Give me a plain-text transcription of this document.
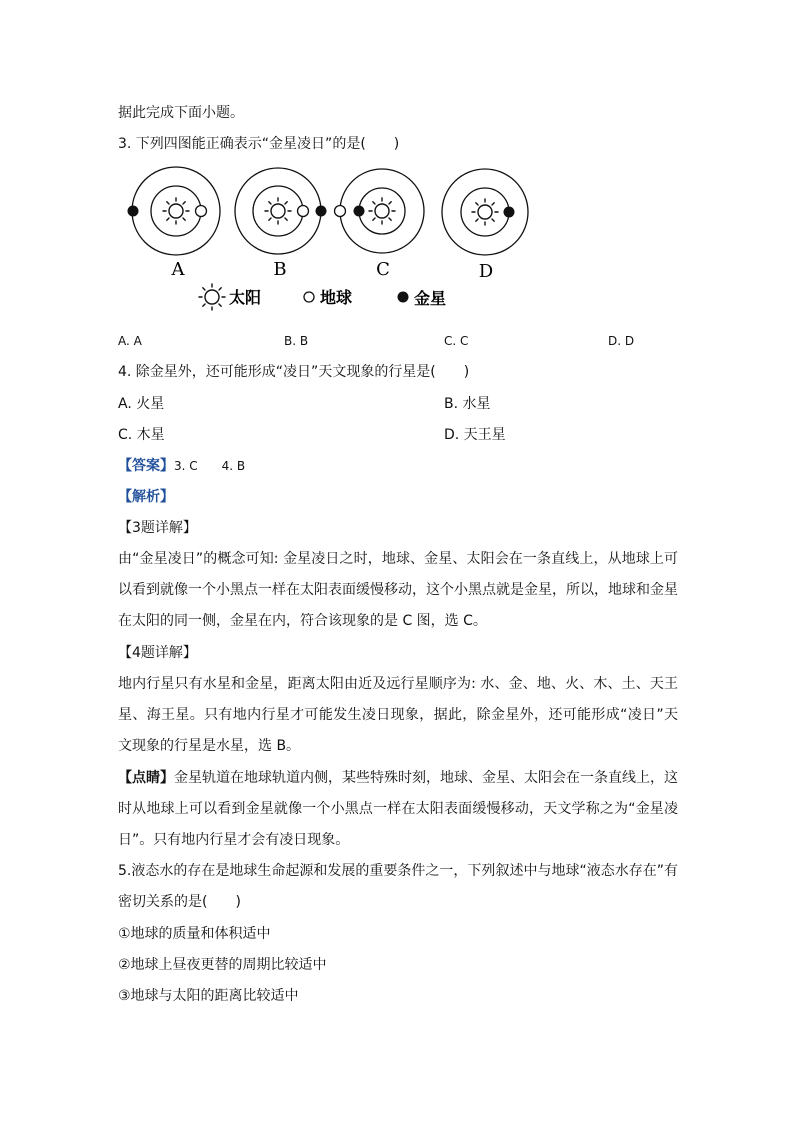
据此完成下面小题。
3. 下列四图能正确表示“金星凌日”的是(　　)
A	B	C	D
太阳	地球	金星
A. A	B. B	C. C	D. D
4. 除金星外，还可能形成“凌日”天文现象的行星是(　　)
A. 火星	B. 水星
C. 木星	D. 天王星
【答案】3. C　　4. B
【解析】
【3题详解】
由“金星凌日”的概念可知: 金星凌日之时，地球、金星、太阳会在一条直线上，从地球上可以看到就像一个小黑点一样在太阳表面缓慢移动，这个小黑点就是金星，所以，地球和金星在太阳的同一侧，金星在内，符合该现象的是 C 图，选 C。
【4题详解】
地内行星只有水星和金星，距离太阳由近及远行星顺序为: 水、金、地、火、木、土、天王星、海王星。只有地内行星才可能发生凌日现象，据此，除金星外，还可能形成“凌日”天文现象的行星是水星，选 B。
【点睛】金星轨道在地球轨道内侧，某些特殊时刻，地球、金星、太阳会在一条直线上，这时从地球上可以看到金星就像一个小黑点一样在太阳表面缓慢移动，天文学称之为“金星凌日”。只有地内行星才会有凌日现象。
5.液态水的存在是地球生命起源和发展的重要条件之一，下列叙述中与地球“液态水存在”有密切关系的是(　　)
①地球的质量和体积适中
②地球上昼夜更替的周期比较适中
③地球与太阳的距离比较适中
